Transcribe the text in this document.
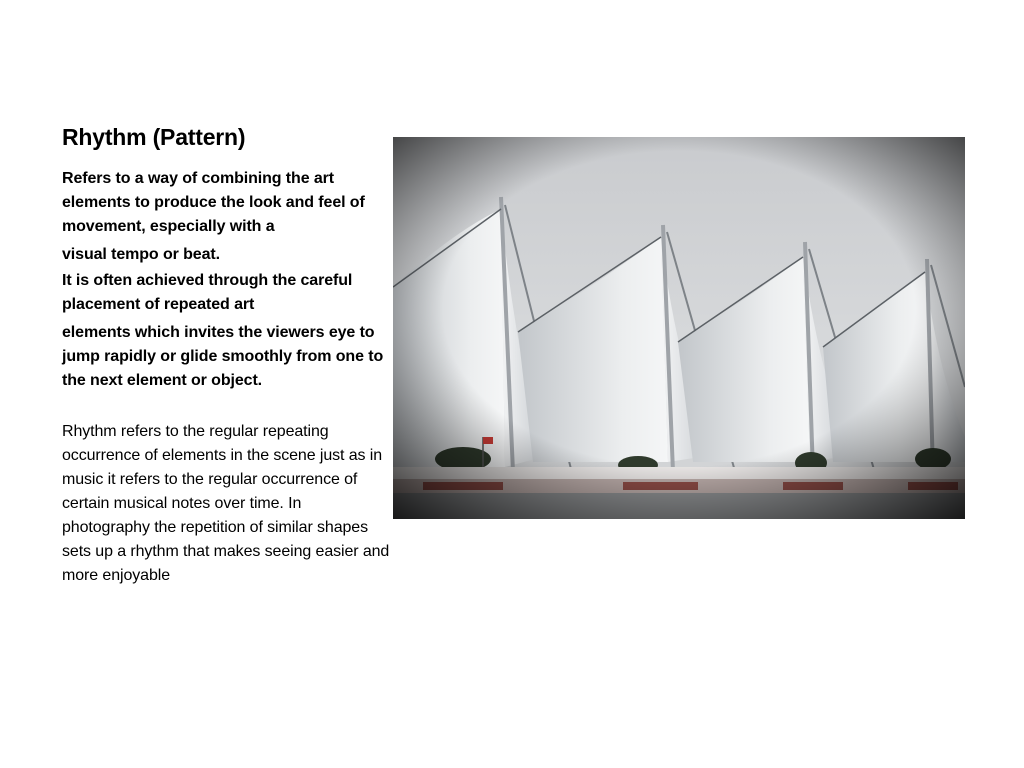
Rhythm (Pattern)

Refers to a way of combining the art elements to produce the look and feel of movement, especially with a

visual tempo or beat.

It is often achieved through the careful placement of repeated art

elements which invites the viewers eye to jump rapidly or glide smoothly from one to the next element or object.

Rhythm refers to the regular repeating occurrence of elements in the scene just as in music it refers to the regular occurrence of certain musical notes over time. In photography the repetition of similar shapes sets up a rhythm that makes seeing easier and more enjoyable
